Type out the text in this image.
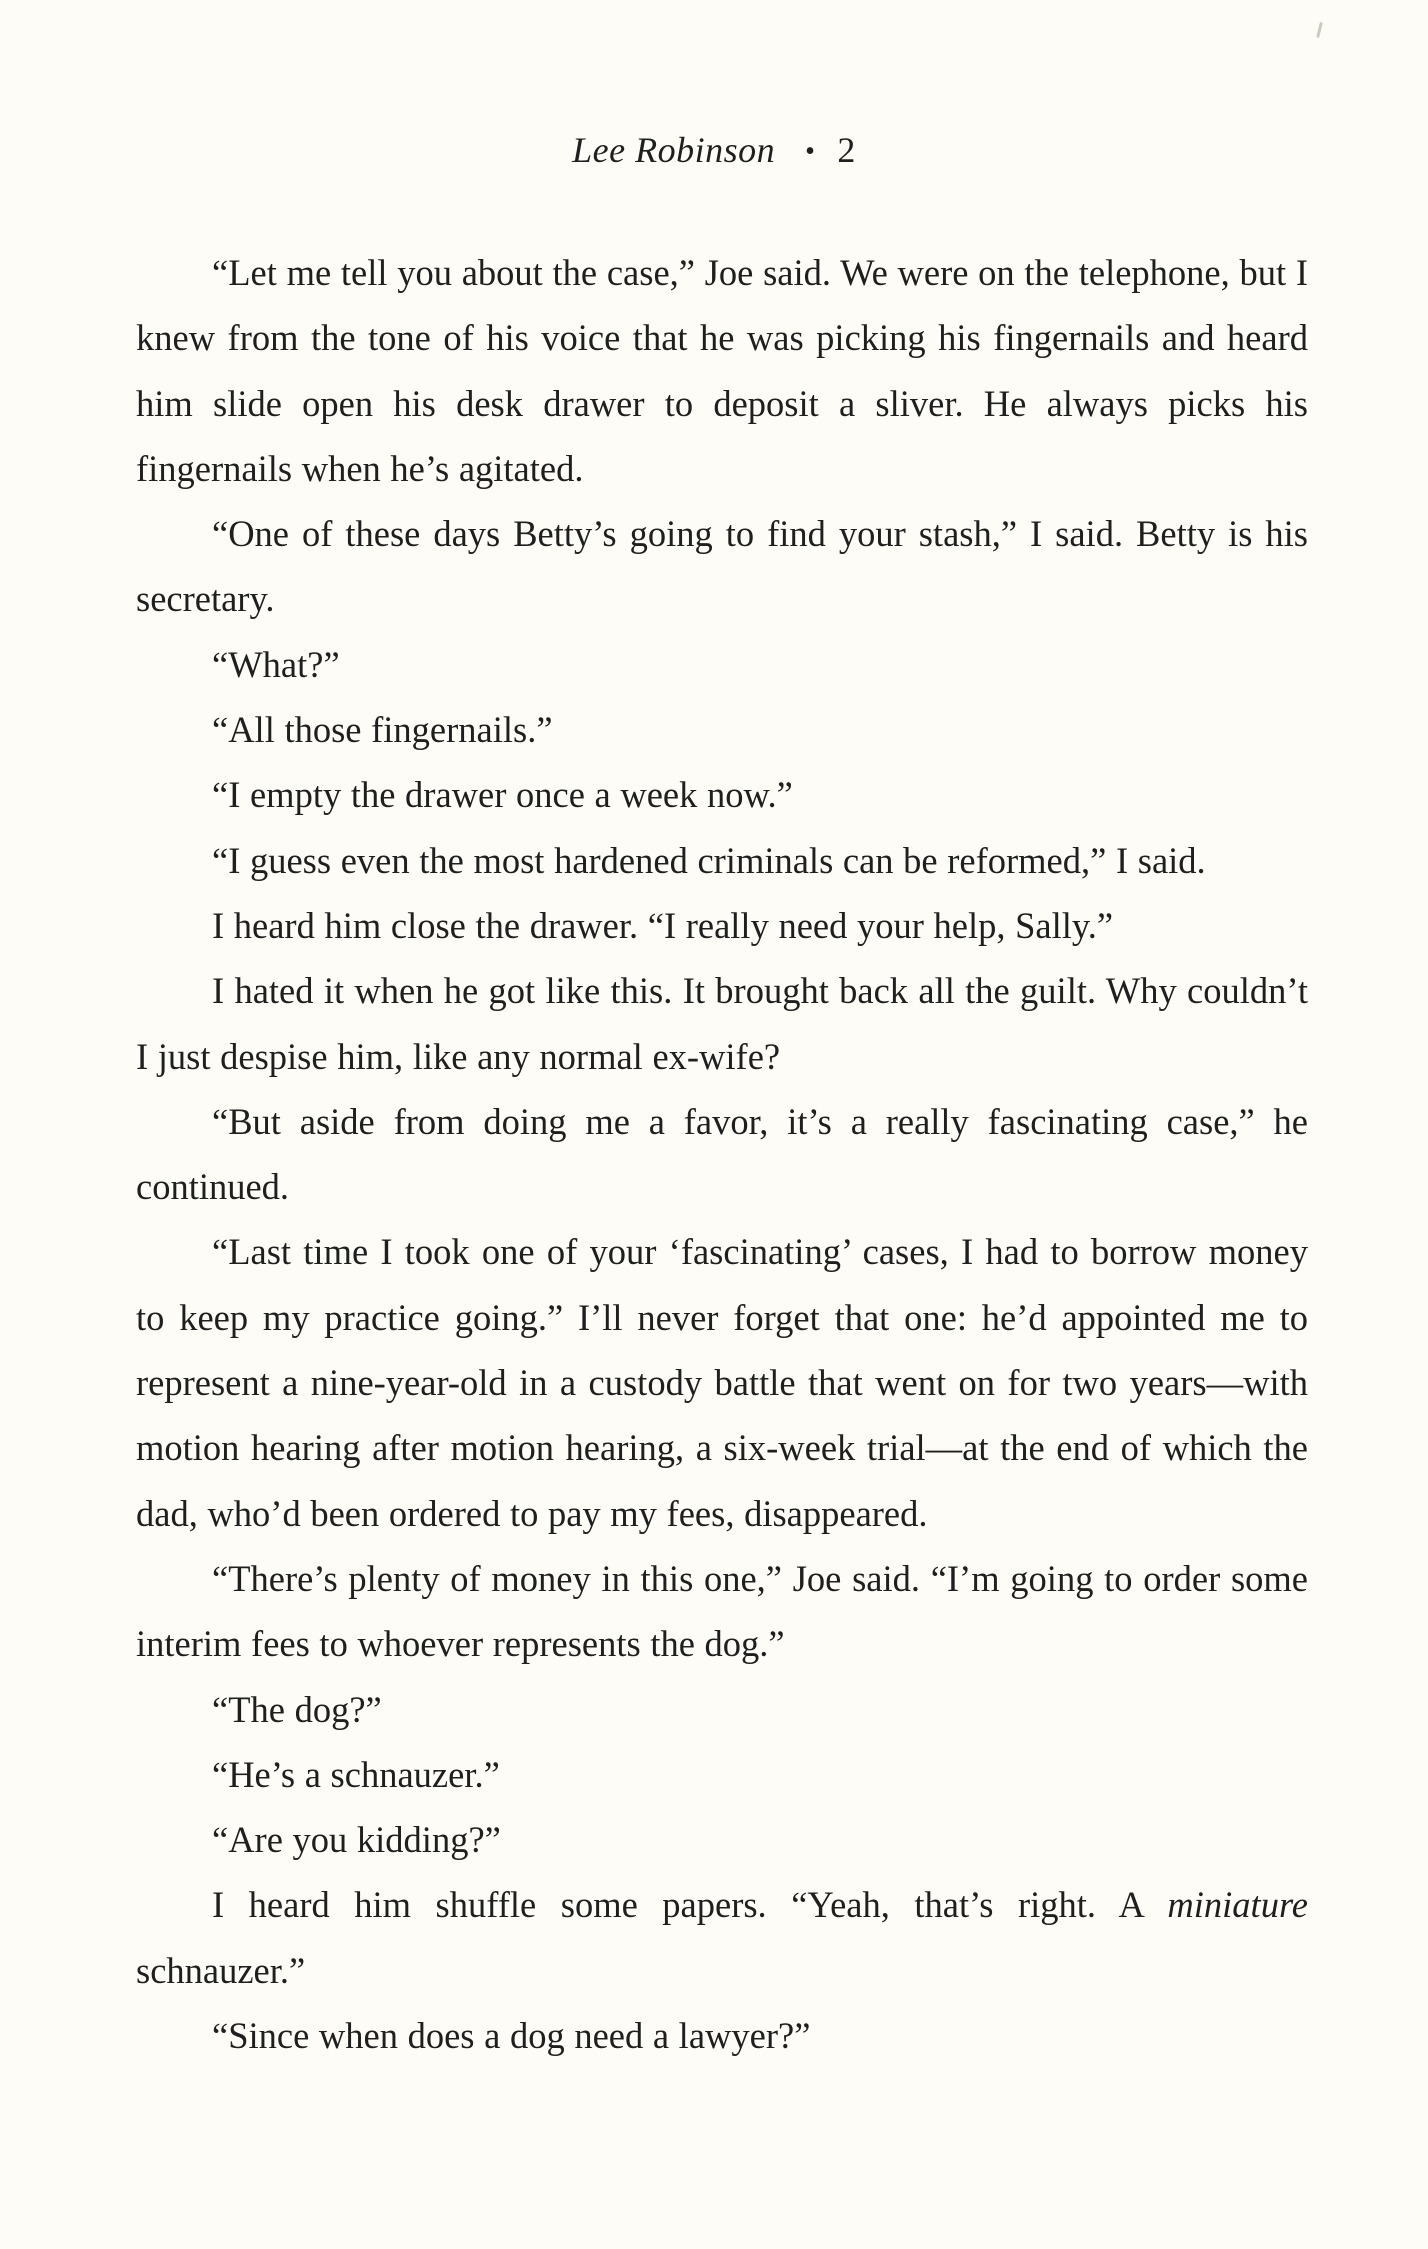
Lee Robinson • 2

“Let me tell you about the case,” Joe said. We were on the telephone, but I knew from the tone of his voice that he was picking his fingernails and heard him slide open his desk drawer to deposit a sliver. He always picks his fingernails when he’s agitated.

“One of these days Betty’s going to find your stash,” I said. Betty is his secretary.

“What?”

“All those fingernails.”

“I empty the drawer once a week now.”

“I guess even the most hardened criminals can be reformed,” I said.

I heard him close the drawer. “I really need your help, Sally.”

I hated it when he got like this. It brought back all the guilt. Why couldn’t I just despise him, like any normal ex-wife?

“But aside from doing me a favor, it’s a really fascinating case,” he continued.

“Last time I took one of your ‘fascinating’ cases, I had to borrow money to keep my practice going.” I’ll never forget that one: he’d appointed me to represent a nine-year-old in a custody battle that went on for two years—with motion hearing after motion hearing, a six-week trial—at the end of which the dad, who’d been ordered to pay my fees, disappeared.

“There’s plenty of money in this one,” Joe said. “I’m going to order some interim fees to whoever represents the dog.”

“The dog?”

“He’s a schnauzer.”

“Are you kidding?”

I heard him shuffle some papers. “Yeah, that’s right. A miniature schnauzer.”

“Since when does a dog need a lawyer?”
